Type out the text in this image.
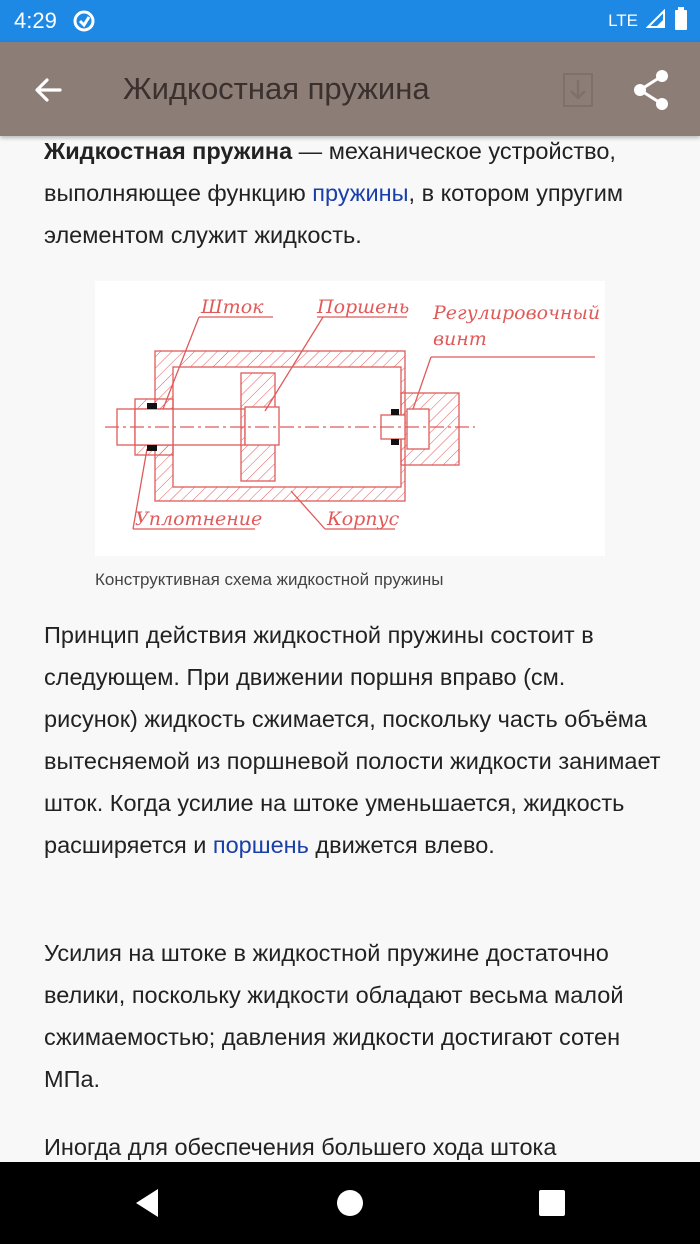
4:29	LTE
Жидкостная пружина

Жидкостная пружина — механическое устройство, выполняющее функцию пружины, в котором упругим элементом служит жидкость.

Шток	Поршень Регулировочный
винт
Уплотнение	Корпус
Конструктивная схема жидкостной пружины

Принцип действия жидкостной пружины состоит в следующем. При движении поршня вправо (см. рисунок) жидкость сжимается, поскольку часть объёма вытесняемой из поршневой полости жидкости занимает шток. Когда усилие на штоке уменьшается, жидкость расширяется и поршень движется влево.

Усилия на штоке в жидкостной пружине достаточно велики, поскольку жидкости обладают весьма малой сжимаемостью; давления жидкости достигают сотен МПа.

Иногда для обеспечения большего хода штока
